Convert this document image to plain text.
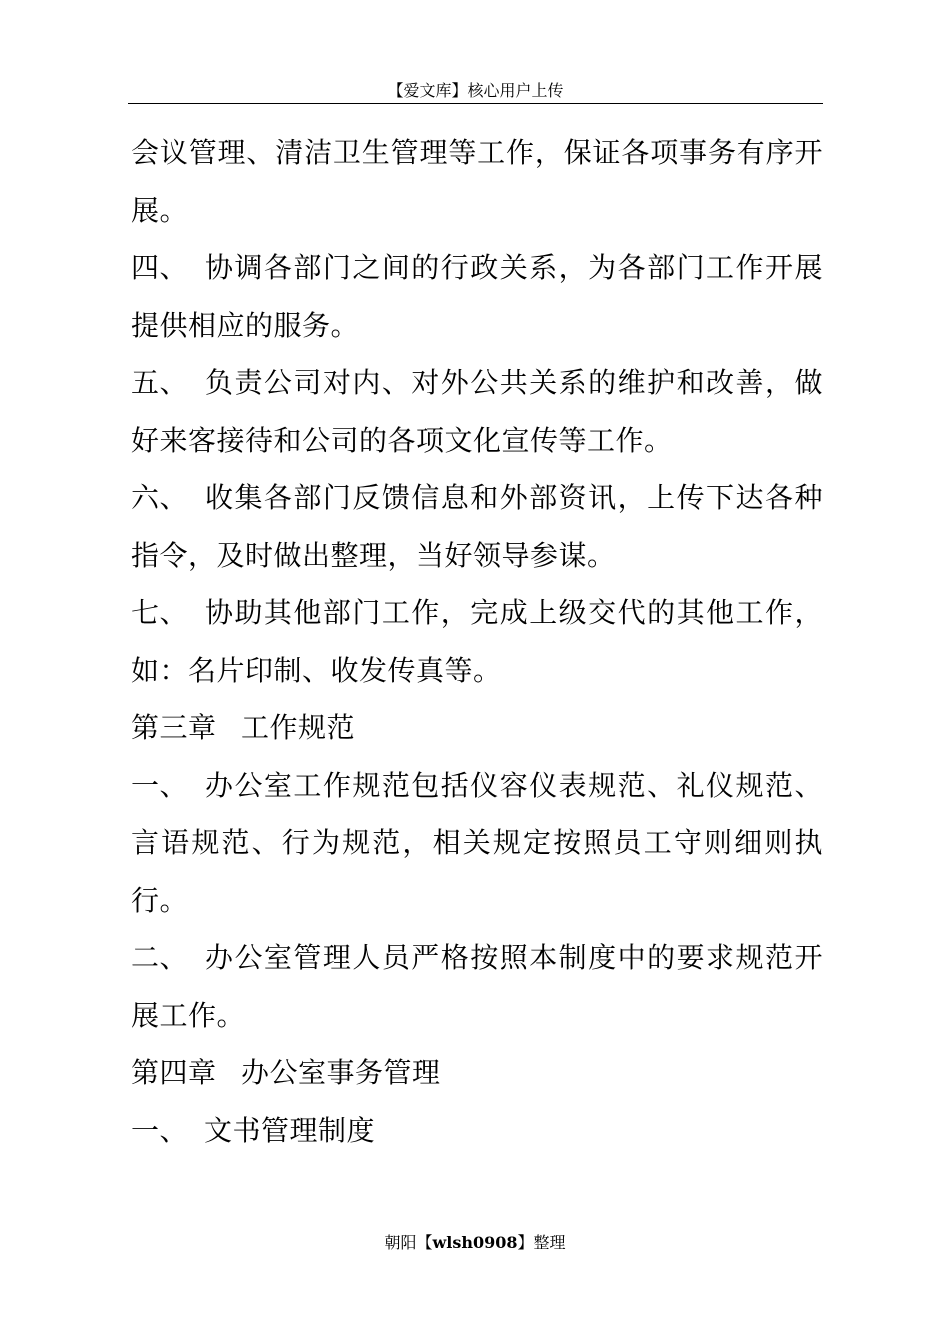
【爱文库】核心用户上传

会议管理、清洁卫生管理等工作，保证各项事务有序开展。

四、 协调各部门之间的行政关系，为各部门工作开展提供相应的服务。

五、 负责公司对内、对外公共关系的维护和改善，做好来客接待和公司的各项文化宣传等工作。

六、 收集各部门反馈信息和外部资讯，上传下达各种指令，及时做出整理，当好领导参谋。

七、 协助其他部门工作，完成上级交代的其他工作，如：名片印制、收发传真等。

第三章 工作规范

一、 办公室工作规范包括仪容仪表规范、礼仪规范、言语规范、行为规范，相关规定按照员工守则细则执行。

二、 办公室管理人员严格按照本制度中的要求规范开展工作。

第四章 办公室事务管理

一、 文书管理制度

朝阳【wlsh0908】整理
